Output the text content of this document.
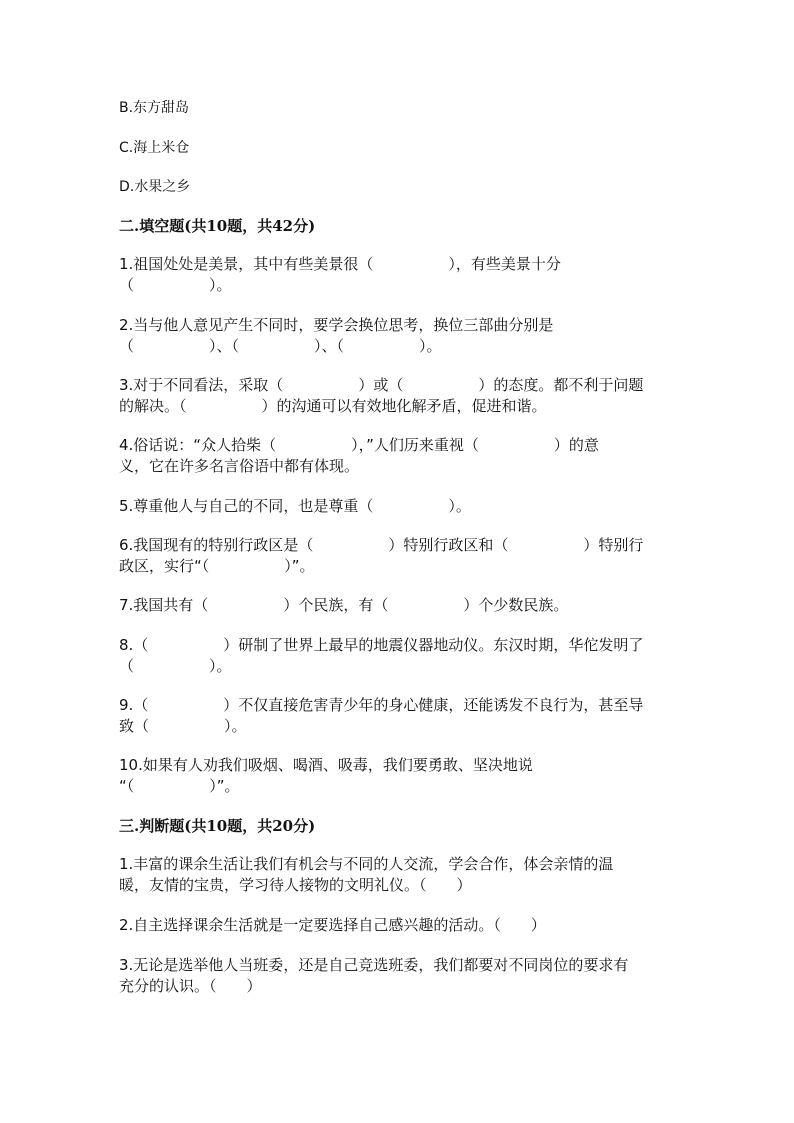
B.东方甜岛
C.海上米仓
D.水果之乡
二.填空题(共10题，共42分)
1.祖国处处是美景，其中有些美景很（　　　　　），有些美景十分
（　　　　　）。
2.当与他人意见产生不同时，要学会换位思考，换位三部曲分别是
（　　　　　）、（　　　　　）、（　　　　　）。
3.对于不同看法，采取（　　　　　）或（　　　　　）的态度。都不利于问题
的解决。（　　　　　）的沟通可以有效地化解矛盾，促进和谐。
4.俗话说：“众人拾柴（　　　　　），”人们历来重视（　　　　　）的意
义，它在许多名言俗语中都有体现。
5.尊重他人与自己的不同，也是尊重（　　　　　）。
6.我国现有的特别行政区是（　　　　　）特别行政区和（　　　　　）特别行
政区，实行“（　　　　　）”。
7.我国共有（　　　　　）个民族，有（　　　　　）个少数民族。
8.（　　　　　）研制了世界上最早的地震仪器地动仪。东汉时期，华佗发明了
（　　　　　）。
9.（　　　　　）不仅直接危害青少年的身心健康，还能诱发不良行为，甚至导
致（　　　　　）。
10.如果有人劝我们吸烟、喝酒、吸毒，我们要勇敢、坚决地说
“（　　　　　）”。
三.判断题(共10题，共20分)
1.丰富的课余生活让我们有机会与不同的人交流，学会合作，体会亲情的温
暖，友情的宝贵，学习待人接物的文明礼仪。（　　）
2.自主选择课余生活就是一定要选择自己感兴趣的活动。（　　）
3.无论是选举他人当班委，还是自己竞选班委，我们都要对不同岗位的要求有
充分的认识。（　　）
